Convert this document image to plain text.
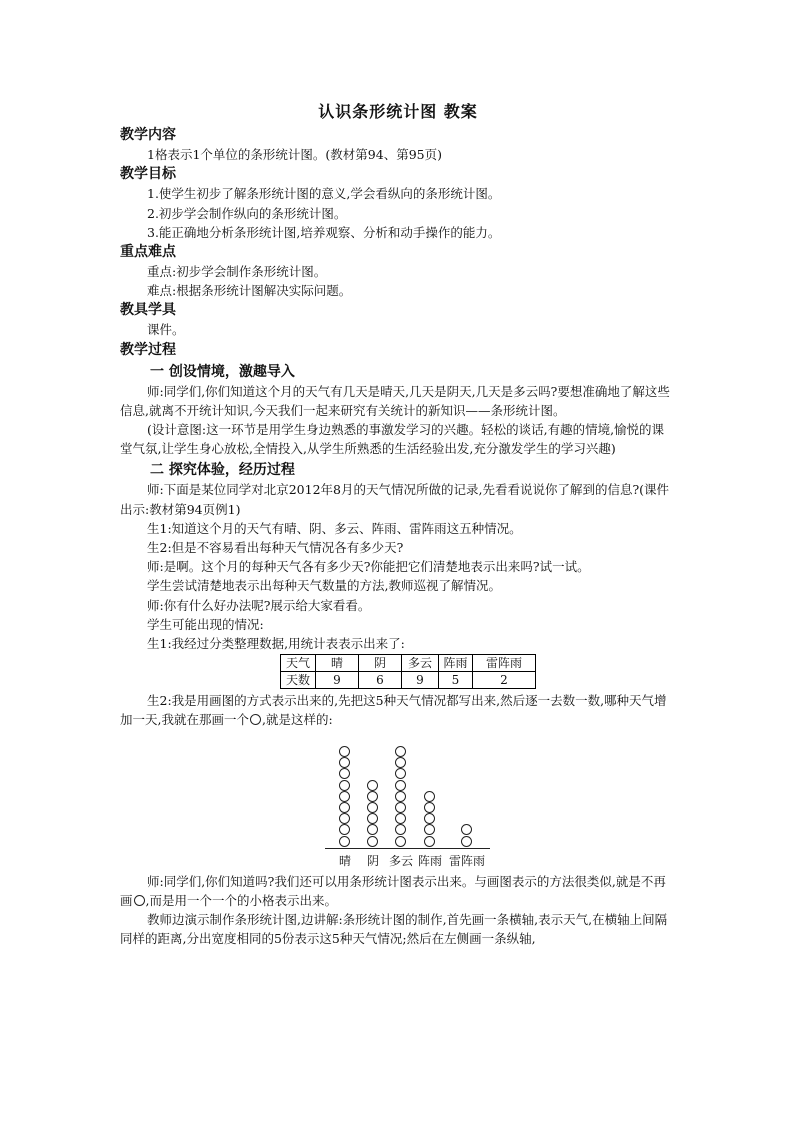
认识条形统计图 教案
教学内容

1格表示1个单位的条形统计图。(教材第94、第95页)

教学目标

1.使学生初步了解条形统计图的意义,学会看纵向的条形统计图。

2.初步学会制作纵向的条形统计图。

3.能正确地分析条形统计图,培养观察、分析和动手操作的能力。

重点难点

重点:初步学会制作条形统计图。

难点:根据条形统计图解决实际问题。

教具学具

课件。

教学过程
一 创设情境，激趣导入

师:同学们,你们知道这个月的天气有几天是晴天,几天是阴天,几天是多云吗?要想准确地了解这些信息,就离不开统计知识,今天我们一起来研究有关统计的新知识——条形统计图。

(设计意图:这一环节是用学生身边熟悉的事激发学习的兴趣。轻松的谈话,有趣的情境,愉悦的课堂气氛,让学生身心放松,全情投入,从学生所熟悉的生活经验出发,充分激发学生的学习兴趣)

二 探究体验，经历过程

师:下面是某位同学对北京2012年8月的天气情况所做的记录,先看看说说你了解到的信息?(课件出示:教材第94页例1)

生1:知道这个月的天气有晴、阴、多云、阵雨、雷阵雨这五种情况。

生2:但是不容易看出每种天气情况各有多少天?

师:是啊。这个月的每种天气各有多少天?你能把它们清楚地表示出来吗?试一试。

学生尝试清楚地表示出每种天气数量的方法,教师巡视了解情况。

师:你有什么好办法呢?展示给大家看看。

学生可能出现的情况:

生1:我经过分类整理数据,用统计表表示出来了:

天气	晴	阴	多云	阵雨	雷阵雨
天数	9	6	9	5	2

生2:我是用画图的方式表示出来的,先把这5种天气情况都写出来,然后逐一去数一数,哪种天气增加一天,我就在那画一个 ,就是这样的:

晴 阴 多云 阵雨 雷阵雨

师:同学们,你们知道吗?我们还可以用条形统计图表示出来。与画图表示的方法很类似,就是不再画 ,而是用一个一个的小格表示出来。

教师边演示制作条形统计图,边讲解:条形统计图的制作,首先画一条横轴,表示天气,在横轴上间隔同样的距离,分出宽度相同的5份表示这5种天气情况;然后在左侧画一条纵轴,
